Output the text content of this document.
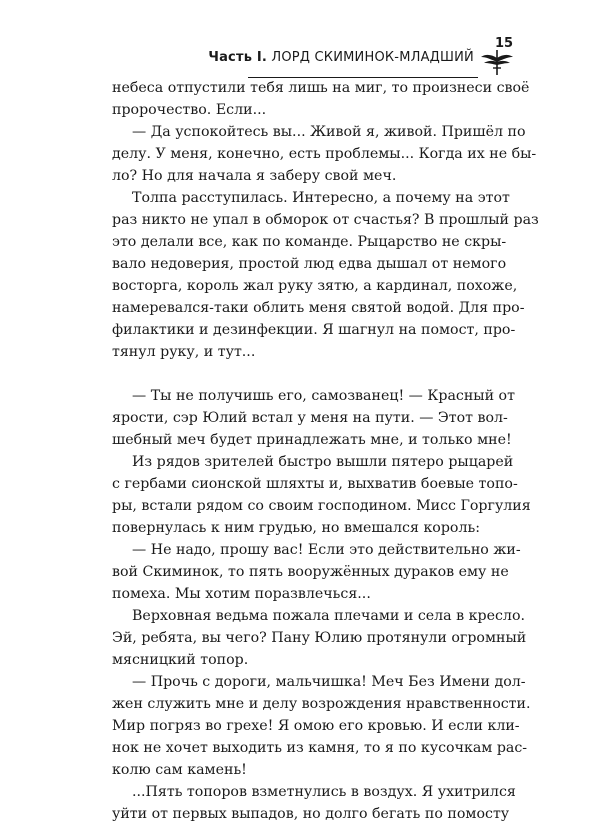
Часть I. ЛОРД СКИМИНОК-МЛАДШИЙ
15
небеса отпустили тебя лишь на миг, то произнеси своё
пророчество. Если...
— Да успокойтесь вы... Живой я, живой. Пришёл по
делу. У меня, конечно, есть проблемы... Когда их не бы-
ло? Но для начала я заберу свой меч.
Толпа расступилась. Интересно, а почему на этот
раз никто не упал в обморок от счастья? В прошлый раз
это делали все, как по команде. Рыцарство не скры-
вало недоверия, простой люд едва дышал от немого
восторга, король жал руку зятю, а кардинал, похоже,
намеревался-таки облить меня святой водой. Для про-
филактики и дезинфекции. Я шагнул на помост, про-
тянул руку, и тут...
— Ты не получишь его, самозванец! — Красный от
ярости, сэр Юлий встал у меня на пути. — Этот вол-
шебный меч будет принадлежать мне, и только мне!
Из рядов зрителей быстро вышли пятеро рыцарей
с гербами сионской шляхты и, выхватив боевые топо-
ры, встали рядом со своим господином. Мисс Горгулия
повернулась к ним грудью, но вмешался король:
— Не надо, прошу вас! Если это действительно жи-
вой Скиминок, то пять вооружённых дураков ему не
помеха. Мы хотим поразвлечься...
Верховная ведьма пожала плечами и села в кресло.
Эй, ребята, вы чего? Пану Юлию протянули огромный
мясницкий топор.
— Прочь с дороги, мальчишка! Меч Без Имени дол-
жен служить мне и делу возрождения нравственности.
Мир погряз во грехе! Я омою его кровью. И если кли-
нок не хочет выходить из камня, то я по кусочкам рас-
колю сам камень!
...Пять топоров взметнулись в воздух. Я ухитрился
уйти от первых выпадов, но долго бегать по помосту
